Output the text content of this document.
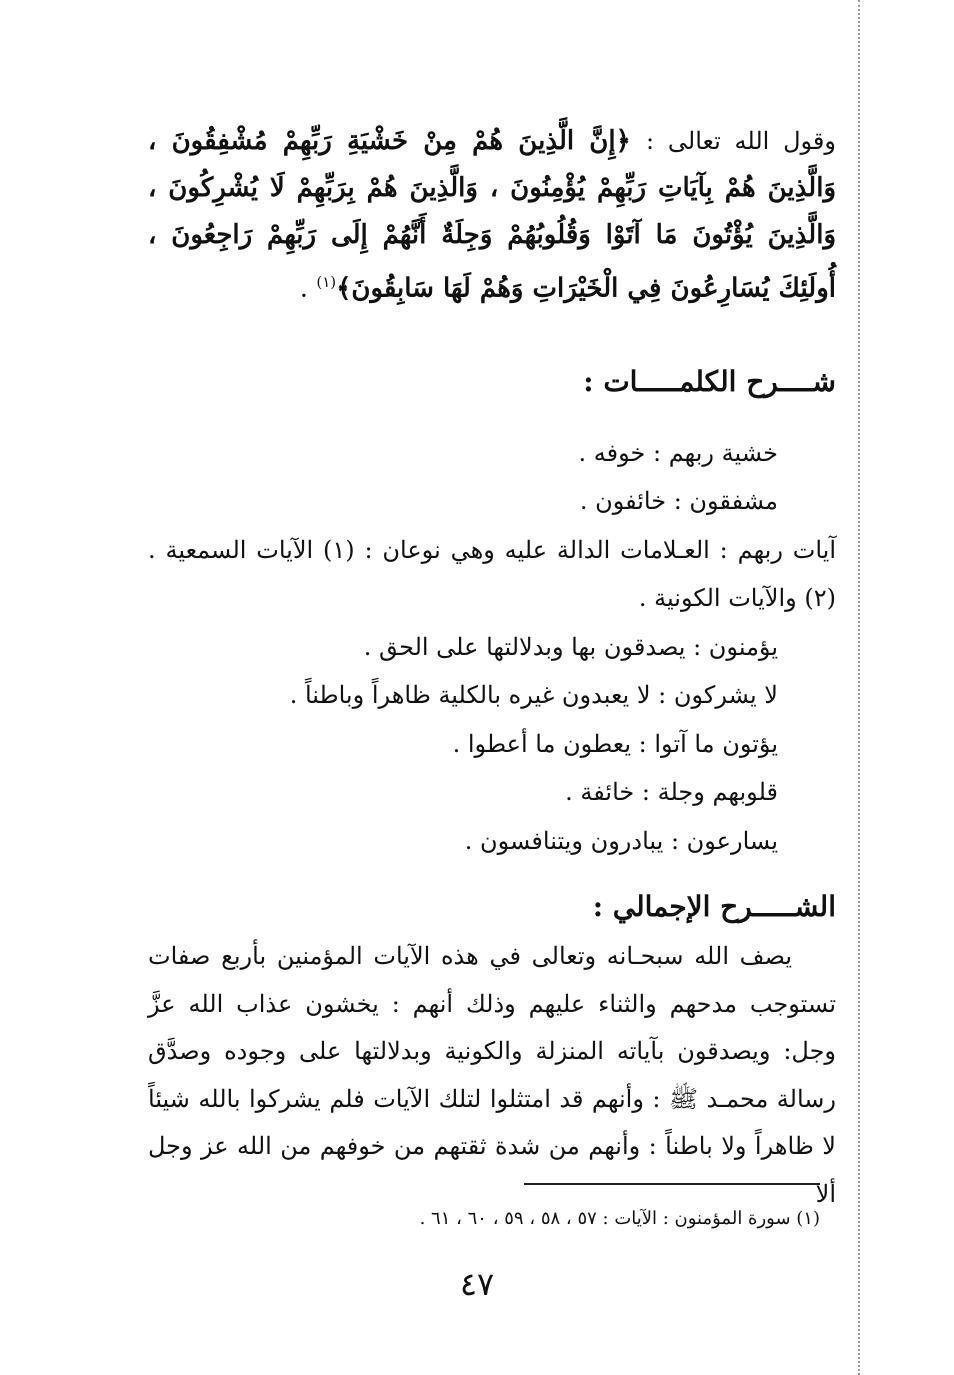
وقول الله تعالى : ﴿إِنَّ الَّذِينَ هُمْ مِنْ خَشْيَةِ رَبِّهِمْ مُشْفِقُونَ ، وَالَّذِينَ هُمْ بِآيَاتِ رَبِّهِمْ يُؤْمِنُونَ ، وَالَّذِينَ هُمْ بِرَبِّهِمْ لَا يُشْرِكُونَ ، وَالَّذِينَ يُؤْتُونَ مَا آتَوْا وَقُلُوبُهُمْ وَجِلَةٌ أَنَّهُمْ إِلَى رَبِّهِمْ رَاجِعُونَ ، أُولَئِكَ يُسَارِعُونَ فِي الْخَيْرَاتِ وَهُمْ لَهَا سَابِقُونَ﴾$^{(١)}$ .

شــــرح الكلمـــــات :
خشية ربهم : خوفه .
مشفقون : خائفون .
آيات ربهم : العـلامات الدالة عليه وهي نوعان : (١) الآيات السمعية . (٢) والآيات الكونية .
يؤمنون : يصدقون بها وبدلالتها على الحق .
لا يشركون : لا يعبدون غيره بالكلية ظاهراً وباطناً .
يؤتون ما آتوا : يعطون ما أعطوا .
قلوبهم وجلة : خائفة .
يسارعون : يبادرون ويتنافسون .
الشـــــرح الإجمالي :

يصف الله سبحـانه وتعالى في هذه الآيات المؤمنين بأربع صفات تستوجب مدحهم والثناء عليهم وذلك أنهم : يخشون عذاب الله عزَّ وجل: ويصدقون بآياته المنزلة والكونية وبدلالتها على وجوده وصدَّق رسالة محمـد ﷺ : وأنهم قد امتثلوا لتلك الآيات فلم يشركوا بالله شيئاً لا ظاهراً ولا باطناً : وأنهم من شدة ثقتهم من خوفهم من الله عز وجل ألا

(١) سورة المؤمنون : الآيات : ٥٧ ، ٥٨ ، ٥٩ ، ٦٠ ، ٦١ .
٤٧
